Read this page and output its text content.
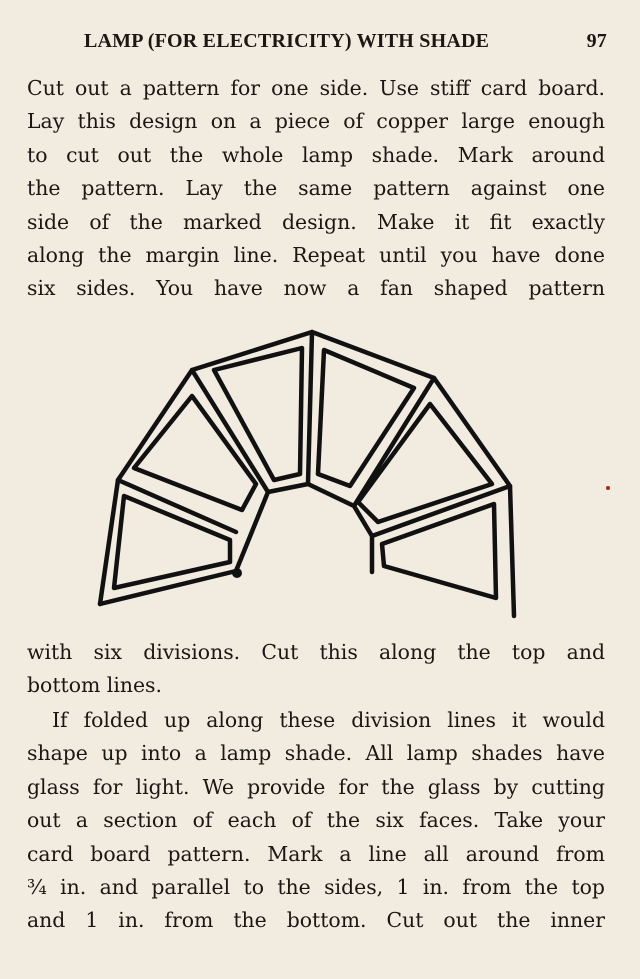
LAMP (FOR ELECTRICITY) WITH SHADE	97
Cut out a pattern for one side. Use stiff card board.
Lay this design on a piece of copper large enough
to cut out the whole lamp shade. Mark around
the pattern. Lay the same pattern against one
side of the marked design. Make it fit exactly
along the margin line. Repeat until you have done
six sides. You have now a fan shaped pattern
with six divisions. Cut this along the top and
bottom lines.
If folded up along these division lines it would
shape up into a lamp shade. All lamp shades have
glass for light. We provide for the glass by cutting
out a section of each of the six faces. Take your
card board pattern. Mark a line all around from
¾ in. and parallel to the sides, 1 in. from the top
and 1 in. from the bottom. Cut out the inner
